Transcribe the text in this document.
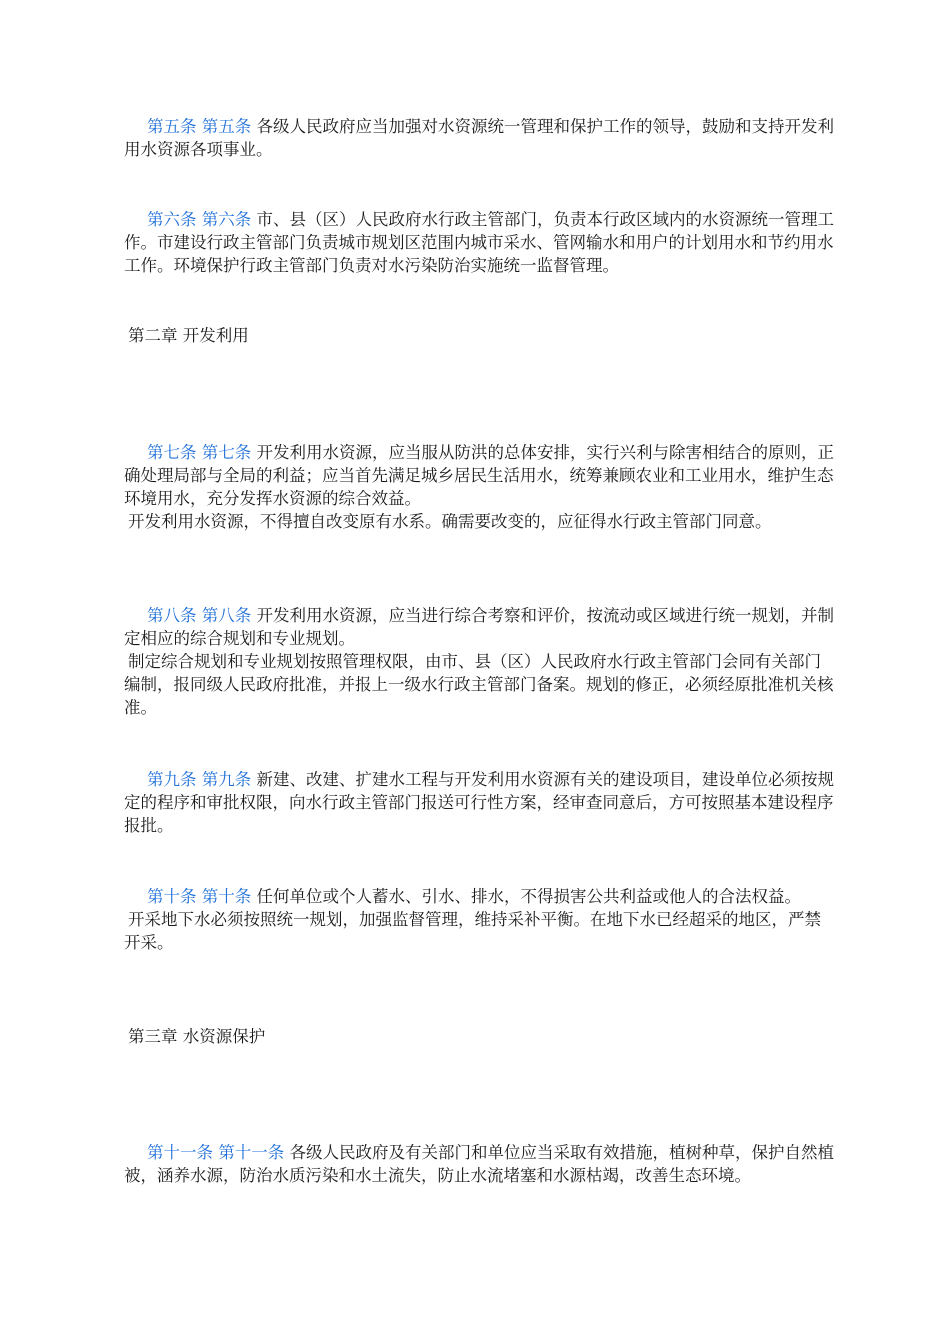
第五条 第五条 各级人民政府应当加强对水资源统一管理和保护工作的领导，鼓励和支持开发利用水资源各项事业。

第六条 第六条 市、县（区）人民政府水行政主管部门，负责本行政区域内的水资源统一管理工作。市建设行政主管部门负责城市规划区范围内城市采水、管网输水和用户的计划用水和节约用水工作。环境保护行政主管部门负责对水污染防治实施统一监督管理。

第二章 开发利用

第七条 第七条 开发利用水资源，应当服从防洪的总体安排，实行兴利与除害相结合的原则，正确处理局部与全局的利益；应当首先满足城乡居民生活用水，统筹兼顾农业和工业用水，维护生态环境用水，充分发挥水资源的综合效益。

开发利用水资源，不得擅自改变原有水系。确需要改变的，应征得水行政主管部门同意。

第八条 第八条 开发利用水资源，应当进行综合考察和评价，按流动或区域进行统一规划，并制定相应的综合规划和专业规划。

制定综合规划和专业规划按照管理权限，由市、县（区）人民政府水行政主管部门会同有关部门编制，报同级人民政府批准，并报上一级水行政主管部门备案。规划的修正，必须经原批准机关核准。

第九条 第九条 新建、改建、扩建水工程与开发利用水资源有关的建设项目，建设单位必须按规定的程序和审批权限，向水行政主管部门报送可行性方案，经审查同意后，方可按照基本建设程序报批。

第十条 第十条 任何单位或个人蓄水、引水、排水，不得损害公共利益或他人的合法权益。

开采地下水必须按照统一规划，加强监督管理，维持采补平衡。在地下水已经超采的地区，严禁开采。

第三章 水资源保护

第十一条 第十一条 各级人民政府及有关部门和单位应当采取有效措施，植树种草，保护自然植被，涵养水源，防治水质污染和水土流失，防止水流堵塞和水源枯竭，改善生态环境。
